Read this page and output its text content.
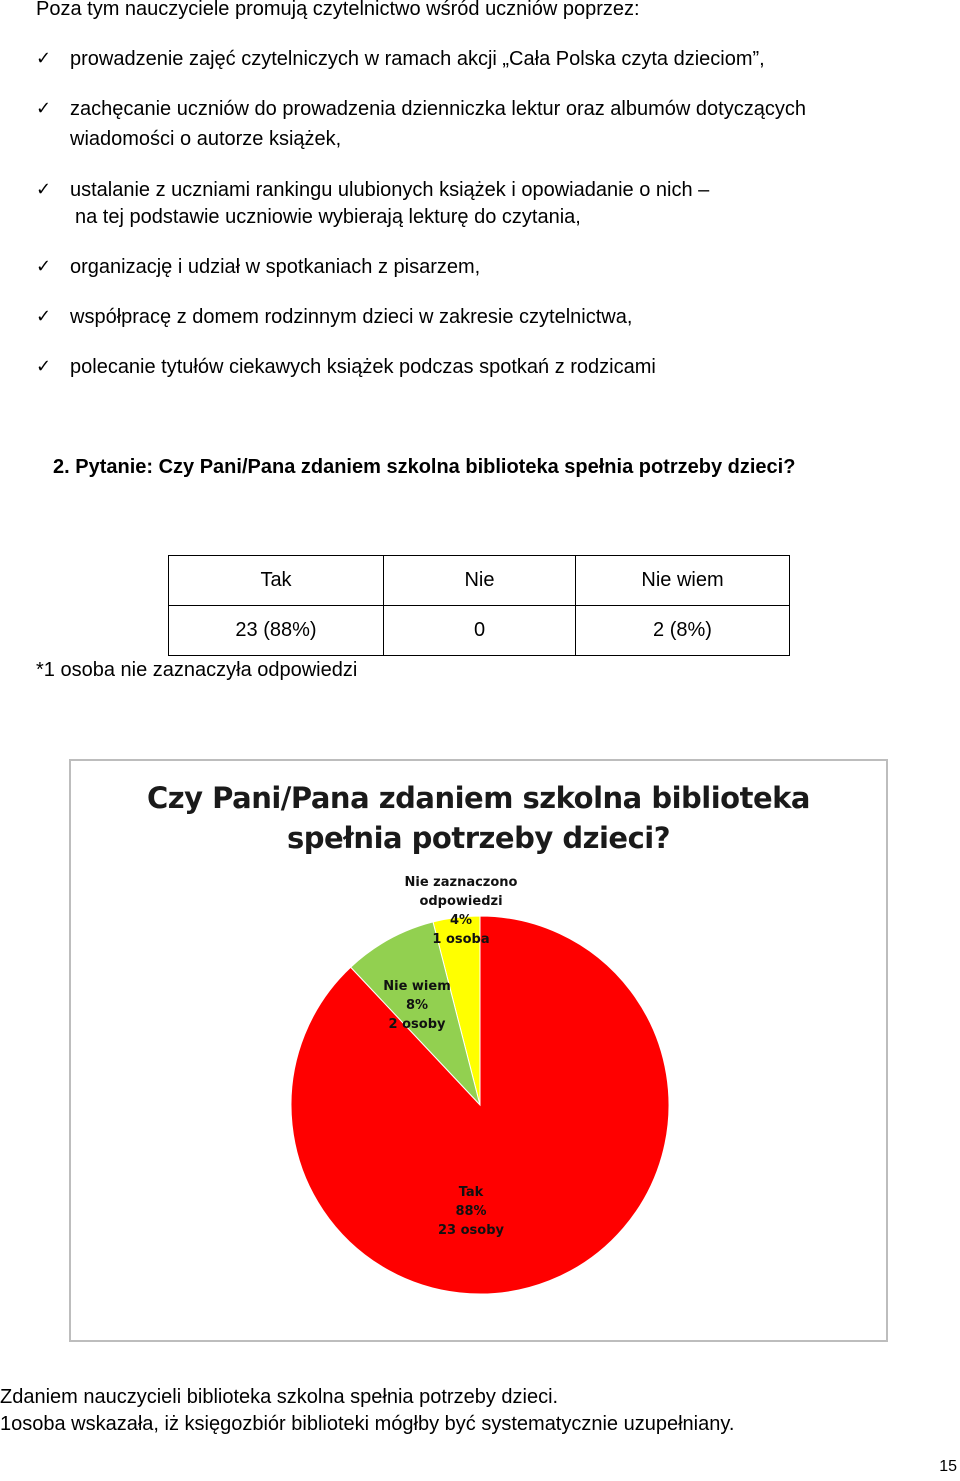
Poza tym nauczyciele promują czytelnictwo wśród uczniów poprzez:
✓ prowadzenie zajęć czytelniczych w ramach akcji „Cała Polska czyta dzieciom”,
✓ zachęcanie uczniów do prowadzenia dzienniczka lektur oraz albumów dotyczących
wiadomości o autorze książek,
✓ ustalanie z uczniami rankingu ulubionych książek i opowiadanie o nich –
na tej podstawie uczniowie wybierają lekturę do czytania,
✓ organizację i udział w spotkaniach z pisarzem,
✓ współpracę z domem rodzinnym dzieci w zakresie czytelnictwa,
✓ polecanie tytułów ciekawych książek podczas spotkań z rodzicami
2. Pytanie: Czy Pani/Pana zdaniem szkolna biblioteka spełnia potrzeby dzieci?
Tak	Nie	Nie wiem
23 (88%)	0	2 (8%)
*1 osoba nie zaznaczyła odpowiedzi
Czy Pani/Pana zdaniem szkolna biblioteka
spełnia potrzeby dzieci?
Nie zaznaczono
odpowiedzi
4%
1 osoba
Nie wiem
8%
2 osoby
Tak
88%
23 osoby
Zdaniem nauczycieli biblioteka szkolna spełnia potrzeby dzieci.
1osoba wskazała, iż księgozbiór biblioteki mógłby być systematycznie uzupełniany.
15
